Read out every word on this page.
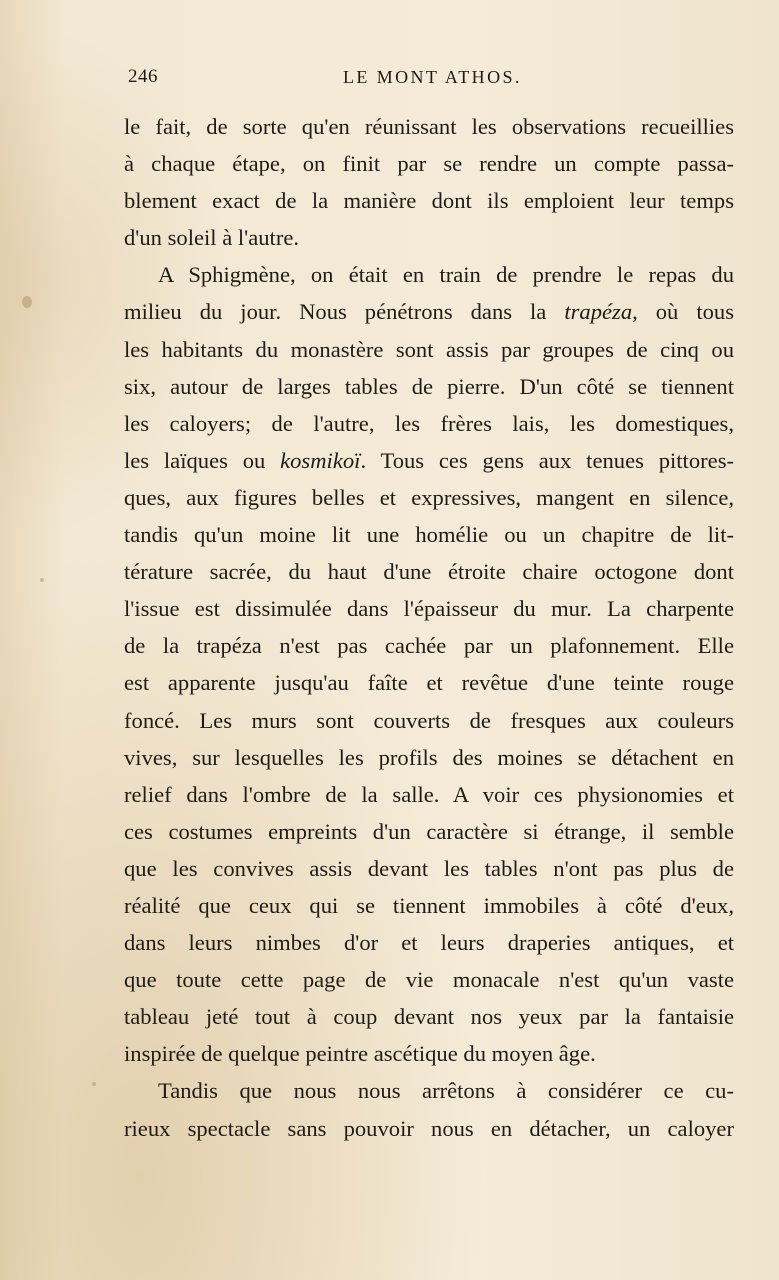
246	LE MONT ATHOS.
le fait, de sorte qu'en réunissant les observations recueillies
à chaque étape, on finit par se rendre un compte passa-
blement exact de la manière dont ils emploient leur temps
d'un soleil à l'autre.
A Sphigmène, on était en train de prendre le repas du
milieu du jour. Nous pénétrons dans la trapéza, où tous
les habitants du monastère sont assis par groupes de cinq ou
six, autour de larges tables de pierre. D'un côté se tiennent
les caloyers; de l'autre, les frères lais, les domestiques,
les laïques ou kosmikoï. Tous ces gens aux tenues pittores-
ques, aux figures belles et expressives, mangent en silence,
tandis qu'un moine lit une homélie ou un chapitre de lit-
térature sacrée, du haut d'une étroite chaire octogone dont
l'issue est dissimulée dans l'épaisseur du mur. La charpente
de la trapéza n'est pas cachée par un plafonnement. Elle
est apparente jusqu'au faîte et revêtue d'une teinte rouge
foncé. Les murs sont couverts de fresques aux couleurs
vives, sur lesquelles les profils des moines se détachent en
relief dans l'ombre de la salle. A voir ces physionomies et
ces costumes empreints d'un caractère si étrange, il semble
que les convives assis devant les tables n'ont pas plus de
réalité que ceux qui se tiennent immobiles à côté d'eux,
dans leurs nimbes d'or et leurs draperies antiques, et
que toute cette page de vie monacale n'est qu'un vaste
tableau jeté tout à coup devant nos yeux par la fantaisie
inspirée de quelque peintre ascétique du moyen âge.
Tandis que nous nous arrêtons à considérer ce cu-
rieux spectacle sans pouvoir nous en détacher, un caloyer
